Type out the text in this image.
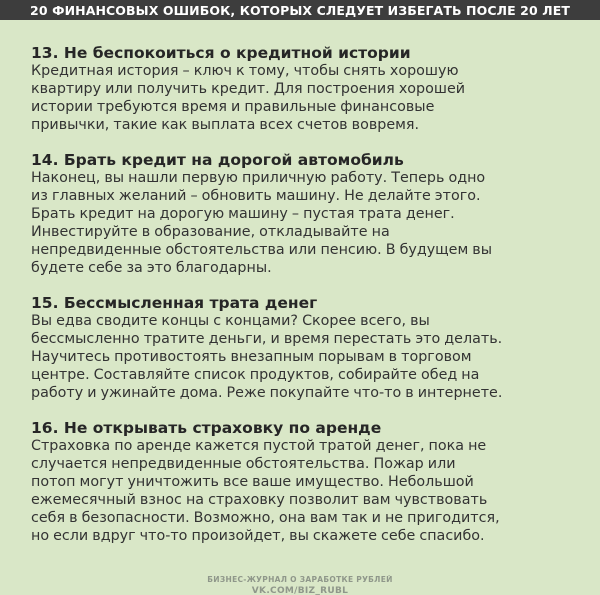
20 ФИНАНСОВЫХ ОШИБОК, КОТОРЫХ СЛЕДУЕТ ИЗБЕГАТЬ ПОСЛЕ 20 ЛЕТ
13. Не беспокоиться о кредитной истории
Кредитная история – ключ к тому, чтобы снять хорошую
квартиру или получить кредит. Для построения хорошей
истории требуются время и правильные финансовые
привычки, такие как выплата всех счетов вовремя.
14. Брать кредит на дорогой автомобиль
Наконец, вы нашли первую приличную работу. Теперь одно
из главных желаний – обновить машину. Не делайте этого.
Брать кредит на дорогую машину – пустая трата денег.
Инвестируйте в образование, откладывайте на
непредвиденные обстоятельства или пенсию. В будущем вы
будете себе за это благодарны.
15. Бессмысленная трата денег
Вы едва сводите концы с концами? Скорее всего, вы
бессмысленно тратите деньги, и время перестать это делать.
Научитесь противостоять внезапным порывам в торговом
центре. Составляйте список продуктов, собирайте обед на
работу и ужинайте дома. Реже покупайте что-то в интернете.
16. Не открывать страховку по аренде
Страховка по аренде кажется пустой тратой денег, пока не
случается непредвиденные обстоятельства. Пожар или
потоп могут уничтожить все ваше имущество. Небольшой
ежемесячный взнос на страховку позволит вам чувствовать
себя в безопасности. Возможно, она вам так и не пригодится,
но если вдруг что-то произойдет, вы скажете себе спасибо.
БИЗНЕС-ЖУРНАЛ О ЗАРАБОТКЕ РУБЛЕЙ
VK.COM/BIZ_RUBL
